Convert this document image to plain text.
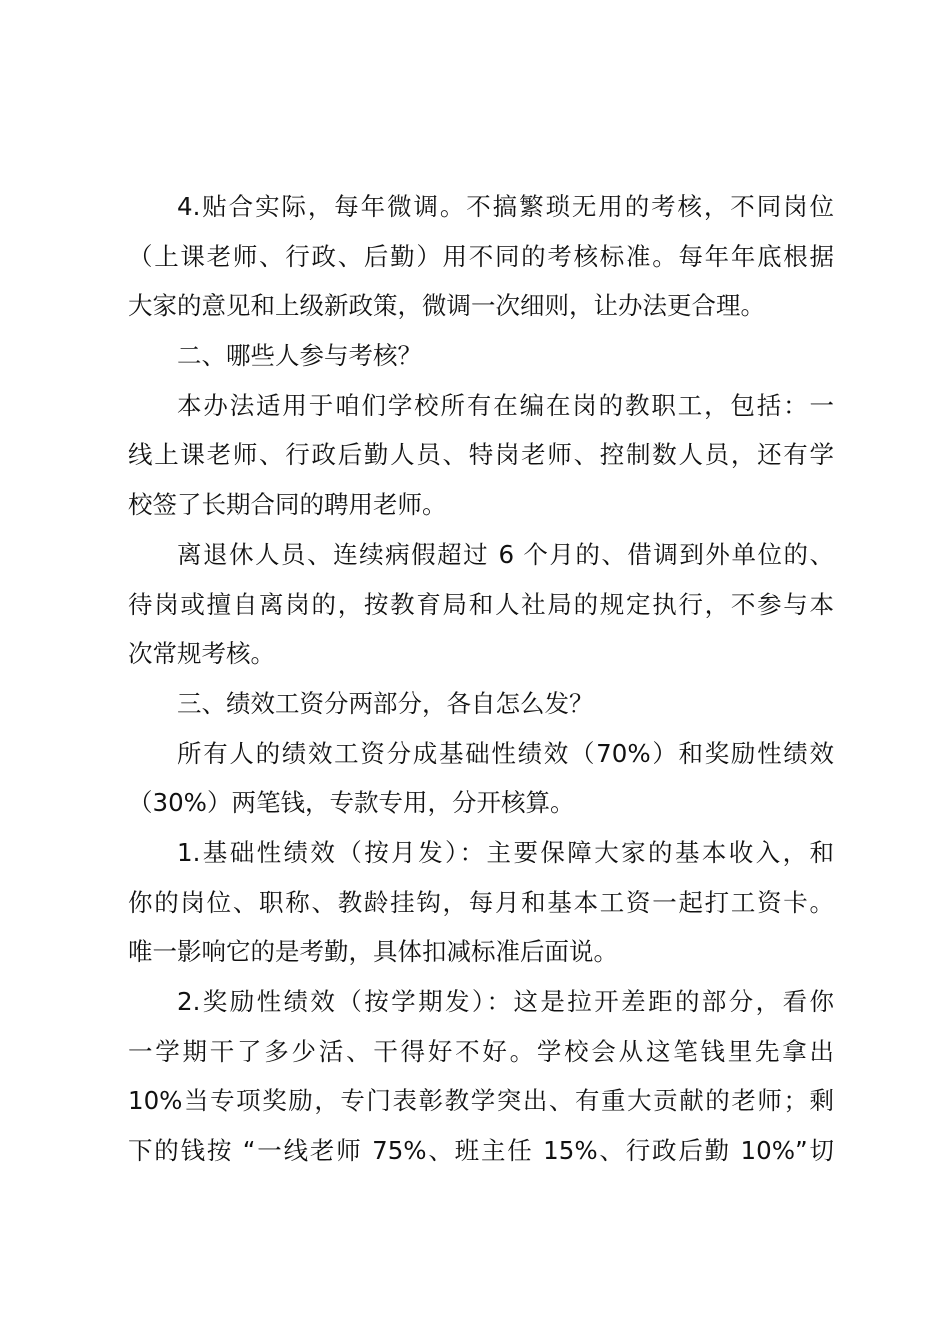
4.贴合实际，每年微调。不搞繁琐无用的考核，不同岗位
（上课老师、行政、后勤）用不同的考核标准。每年年底根据
大家的意见和上级新政策，微调一次细则，让办法更合理。
二、哪些人参与考核？
本办法适用于咱们学校所有在编在岗的教职工，包括：一
线上课老师、行政后勤人员、特岗老师、控制数人员，还有学
校签了长期合同的聘用老师。
离退休人员、连续病假超过 6 个月的、借调到外单位的、
待岗或擅自离岗的，按教育局和人社局的规定执行，不参与本
次常规考核。
三、绩效工资分两部分，各自怎么发？
所有人的绩效工资分成基础性绩效（70%）和奖励性绩效
（30%）两笔钱，专款专用，分开核算。
1.基础性绩效（按月发）：主要保障大家的基本收入，和
你的岗位、职称、教龄挂钩，每月和基本工资一起打工资卡。
唯一影响它的是考勤，具体扣减标准后面说。
2.奖励性绩效（按学期发）：这是拉开差距的部分，看你
一学期干了多少活、干得好不好。学校会从这笔钱里先拿出
10%当专项奖励，专门表彰教学突出、有重大贡献的老师；剩
下的钱按 “一线老师 75%、班主任 15%、行政后勤 10%”切
